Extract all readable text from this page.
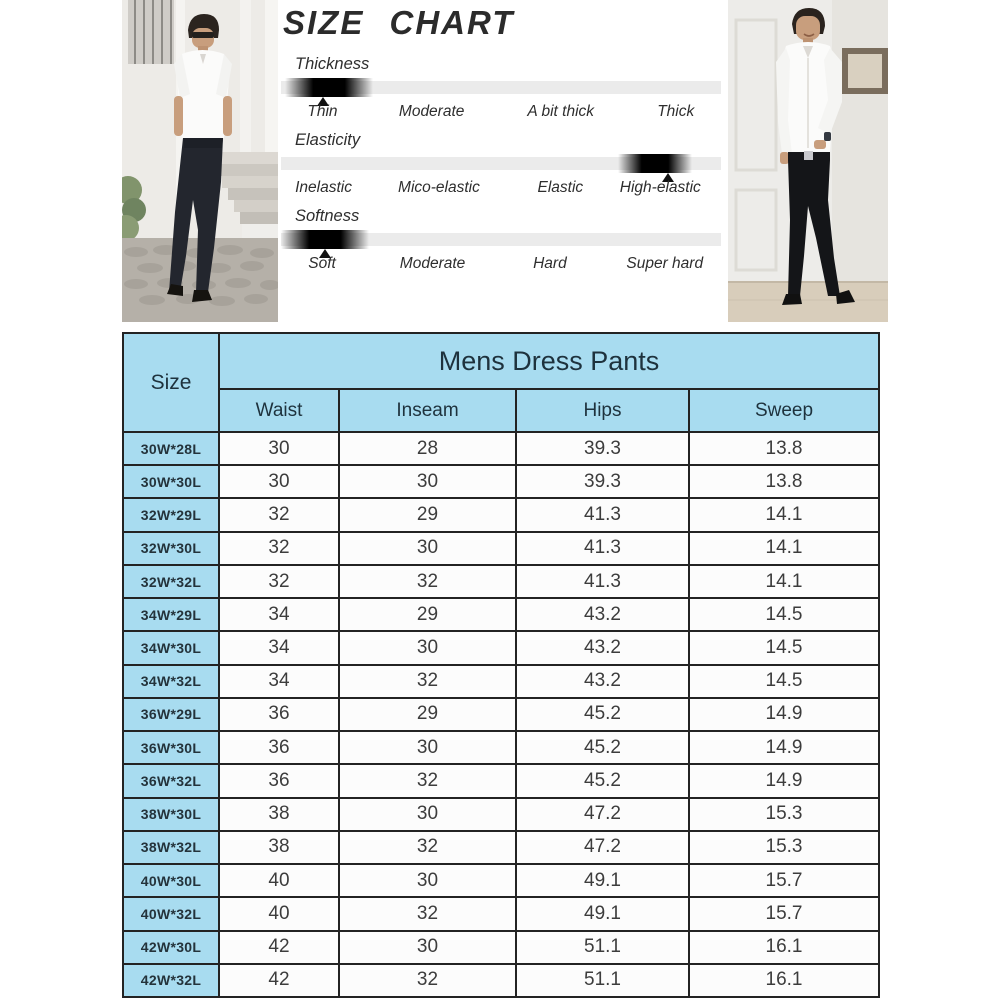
SIZE CHART
Thickness
Thin	Moderate	A bit thick	Thick
Elasticity
Inelastic	Mico-elastic	Elastic High-elastic
Softness
Soft	Moderate	Hard	Super hard
Size	Mens Dress Pants			
	Waist	Inseam	Hips	Sweep
30W*28L	30	28	39.3	13.8
30W*30L	30	30	39.3	13.8
32W*29L	32	29	41.3	14.1
32W*30L	32	30	41.3	14.1
32W*32L	32	32	41.3	14.1
34W*29L	34	29	43.2	14.5
34W*30L	34	30	43.2	14.5
34W*32L	34	32	43.2	14.5
36W*29L	36	29	45.2	14.9
36W*30L	36	30	45.2	14.9
36W*32L	36	32	45.2	14.9
38W*30L	38	30	47.2	15.3
38W*32L	38	32	47.2	15.3
40W*30L	40	30	49.1	15.7
40W*32L	40	32	49.1	15.7
42W*30L	42	30	51.1	16.1
42W*32L	42	32	51.1	16.1
